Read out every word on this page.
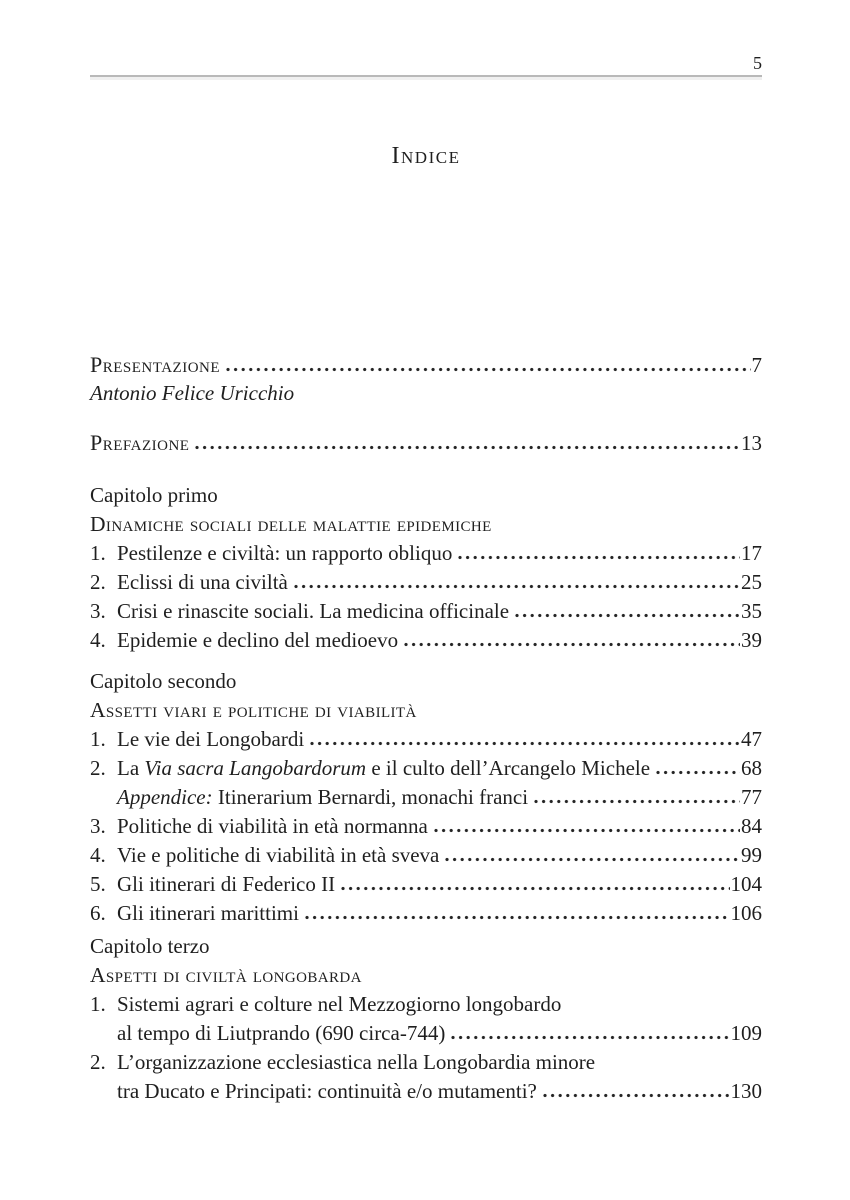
5
Indice
Presentazione	7
Antonio Felice Uricchio
Prefazione	13
Capitolo primo
Dinamiche sociali delle malattie epidemiche
1. Pestilenze e civiltà: un rapporto obliquo	17
2. Eclissi di una civiltà	25
3. Crisi e rinascite sociali. La medicina officinale	35
4. Epidemie e declino del medioevo	39
Capitolo secondo
Assetti viari e politiche di viabilità
1. Le vie dei Longobardi	47
2. La Via sacra Langobardorum e il culto dell’Arcangelo Michele	68
Appendice: Itinerarium Bernardi, monachi franci	77
3. Politiche di viabilità in età normanna	84
4. Vie e politiche di viabilità in età sveva	99
5. Gli itinerari di Federico II	104
6. Gli itinerari marittimi	106
Capitolo terzo
Aspetti di civiltà longobarda
1. Sistemi agrari e colture nel Mezzogiorno longobardo
al tempo di Liutprando (690 circa-744)	109
2. L’organizzazione ecclesiastica nella Longobardia minore
tra Ducato e Principati: continuità e/o mutamenti?	130
